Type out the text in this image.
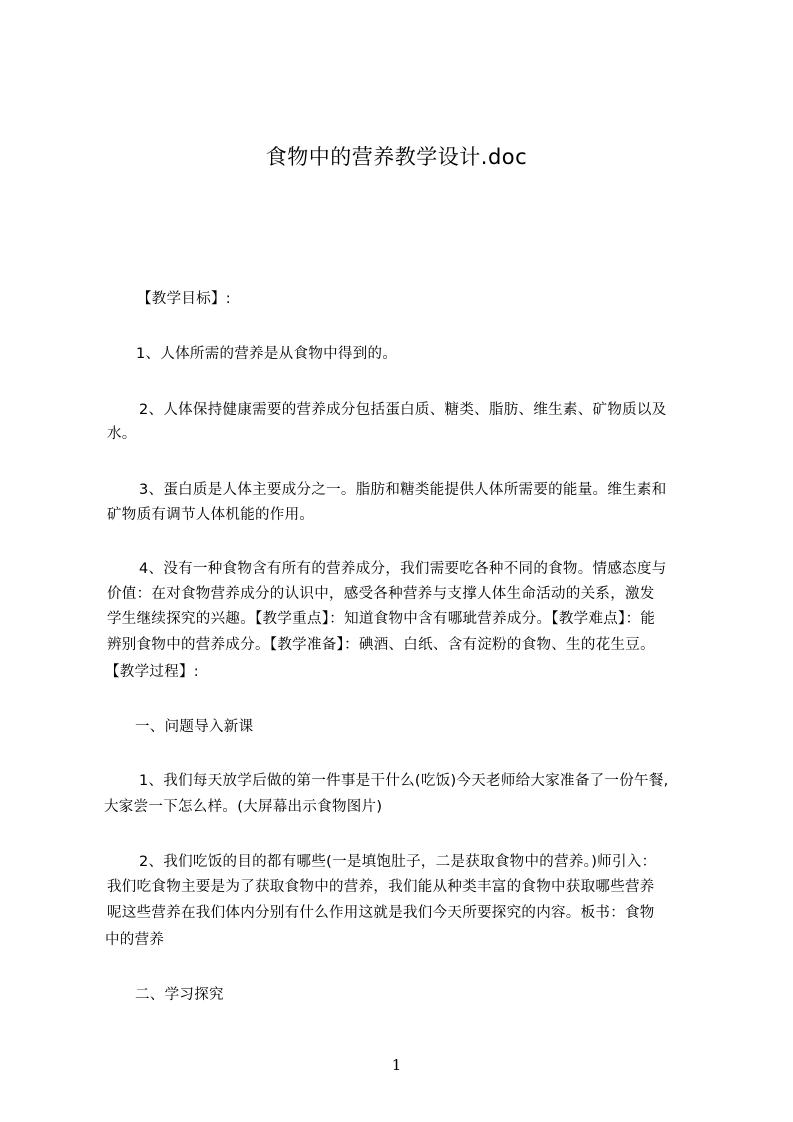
食物中的营养教学设计.doc
【教学目标】:
1、人体所需的营养是从食物中得到的。
2、人体保持健康需要的营养成分包括蛋白质、糖类、脂肪、维生素、矿物质以及
水。
3、蛋白质是人体主要成分之一。脂肪和糖类能提供人体所需要的能量。维生素和
矿物质有调节人体机能的作用。
4、没有一种食物含有所有的营养成分，我们需要吃各种不同的食物。情感态度与
价值：在对食物营养成分的认识中，感受各种营养与支撑人体生命活动的关系，激发
学生继续探究的兴趣。【教学重点】：知道食物中含有哪玼营养成分。【教学难点】：能
辨别食物中的营养成分。【教学准备】：碘酒、白纸、含有淀粉的食物、生的花生豆。
【教学过程】:
一、问题导入新课
1、我们每天放学后做的第一件事是干什么(吃饭)今天老师给大家准备了一份午餐,
大家尝一下怎么样。(大屏幕出示食物图片)
2、我们吃饭的目的都有哪些(一是填饱肚子，二是获取食物中的营养。)师引入：
我们吃食物主要是为了获取食物中的营养，我们能从种类丰富的食物中获取哪些营养
呢这些营养在我们体内分别有什么作用这就是我们今天所要探究的内容。板书：食物
中的营养
二、学习探究
1
